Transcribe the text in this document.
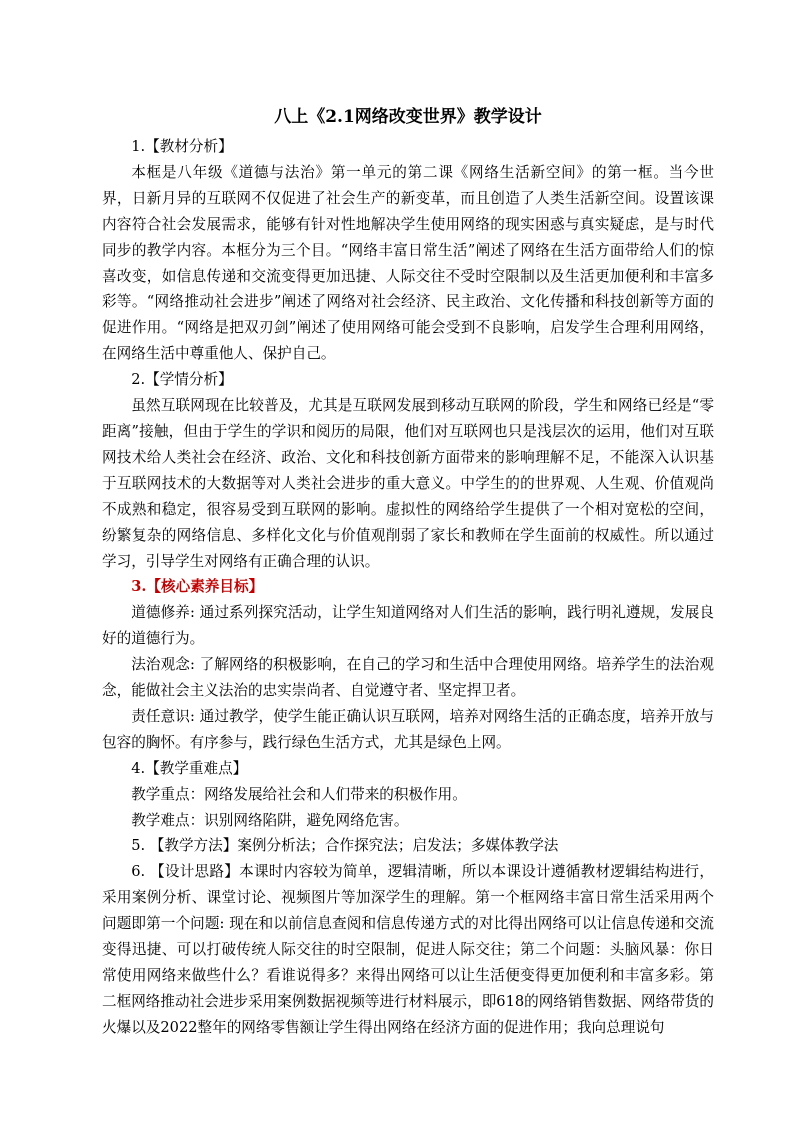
八上《2.1网络改变世界》教学设计
1.【教材分析】

本框是八年级《道德与法治》第一单元的第二课《网络生活新空间》的第一框。当今世界，日新月异的互联网不仅促进了社会生产的新变革，而且创造了人类生活新空间。设置该课内容符合社会发展需求，能够有针对性地解决学生使用网络的现实困惑与真实疑虑，是与时代同步的教学内容。本框分为三个目。“网络丰富日常生活”阐述了网络在生活方面带给人们的惊喜改变，如信息传递和交流变得更加迅捷、人际交往不受时空限制以及生活更加便利和丰富多彩等。“网络推动社会进步”阐述了网络对社会经济、民主政治、文化传播和科技创新等方面的促进作用。“网络是把双刃剑”阐述了使用网络可能会受到不良影响，启发学生合理利用网络，在网络生活中尊重他人、保护自己。

2.【学情分析】

虽然互联网现在比较普及，尤其是互联网发展到移动互联网的阶段，学生和网络已经是“零距离”接触，但由于学生的学识和阅历的局限，他们对互联网也只是浅层次的运用，他们对互联网技术给人类社会在经济、政治、文化和科技创新方面带来的影响理解不足，不能深入认识基于互联网技术的大数据等对人类社会进步的重大意义。中学生的的世界观、人生观、价值观尚不成熟和稳定，很容易受到互联网的影响。虚拟性的网络给学生提供了一个相对宽松的空间，纷繁复杂的网络信息、多样化文化与价值观削弱了家长和教师在学生面前的权威性。所以通过学习，引导学生对网络有正确合理的认识。

3.【核心素养目标】

道德修养: 通过系列探究活动，让学生知道网络对人们生活的影响，践行明礼遵规，发展良好的道德行为。

法治观念: 了解网络的积极影响，在自己的学习和生活中合理使用网络。培养学生的法治观念，能做社会主义法治的忠实崇尚者、自觉遵守者、坚定捍卫者。

责任意识: 通过教学，使学生能正确认识互联网，培养对网络生活的正确态度，培养开放与包容的胸怀。有序参与，践行绿色生活方式，尤其是绿色上网。

4.【教学重难点】

教学重点：网络发展给社会和人们带来的积极作用。

教学难点：识别网络陷阱，避免网络危害。

5. 【教学方法】案例分析法；合作探究法；启发法；多媒体教学法

6. 【设计思路】本课时内容较为简单，逻辑清晰，所以本课设计遵循教材逻辑结构进行，采用案例分析、课堂讨论、视频图片等加深学生的理解。第一个框网络丰富日常生活采用两个问题即第一个问题: 现在和以前信息查阅和信息传递方式的对比得出网络可以让信息传递和交流变得迅捷、可以打破传统人际交往的时空限制，促进人际交往；第二个问题：头脑风暴：你日常使用网络来做些什么？看谁说得多？来得出网络可以让生活便变得更加便利和丰富多彩。第二框网络推动社会进步采用案例数据视频等进行材料展示，即618的网络销售数据、网络带货的火爆以及2022整年的网络零售额让学生得出网络在经济方面的促进作用；我向总理说句
